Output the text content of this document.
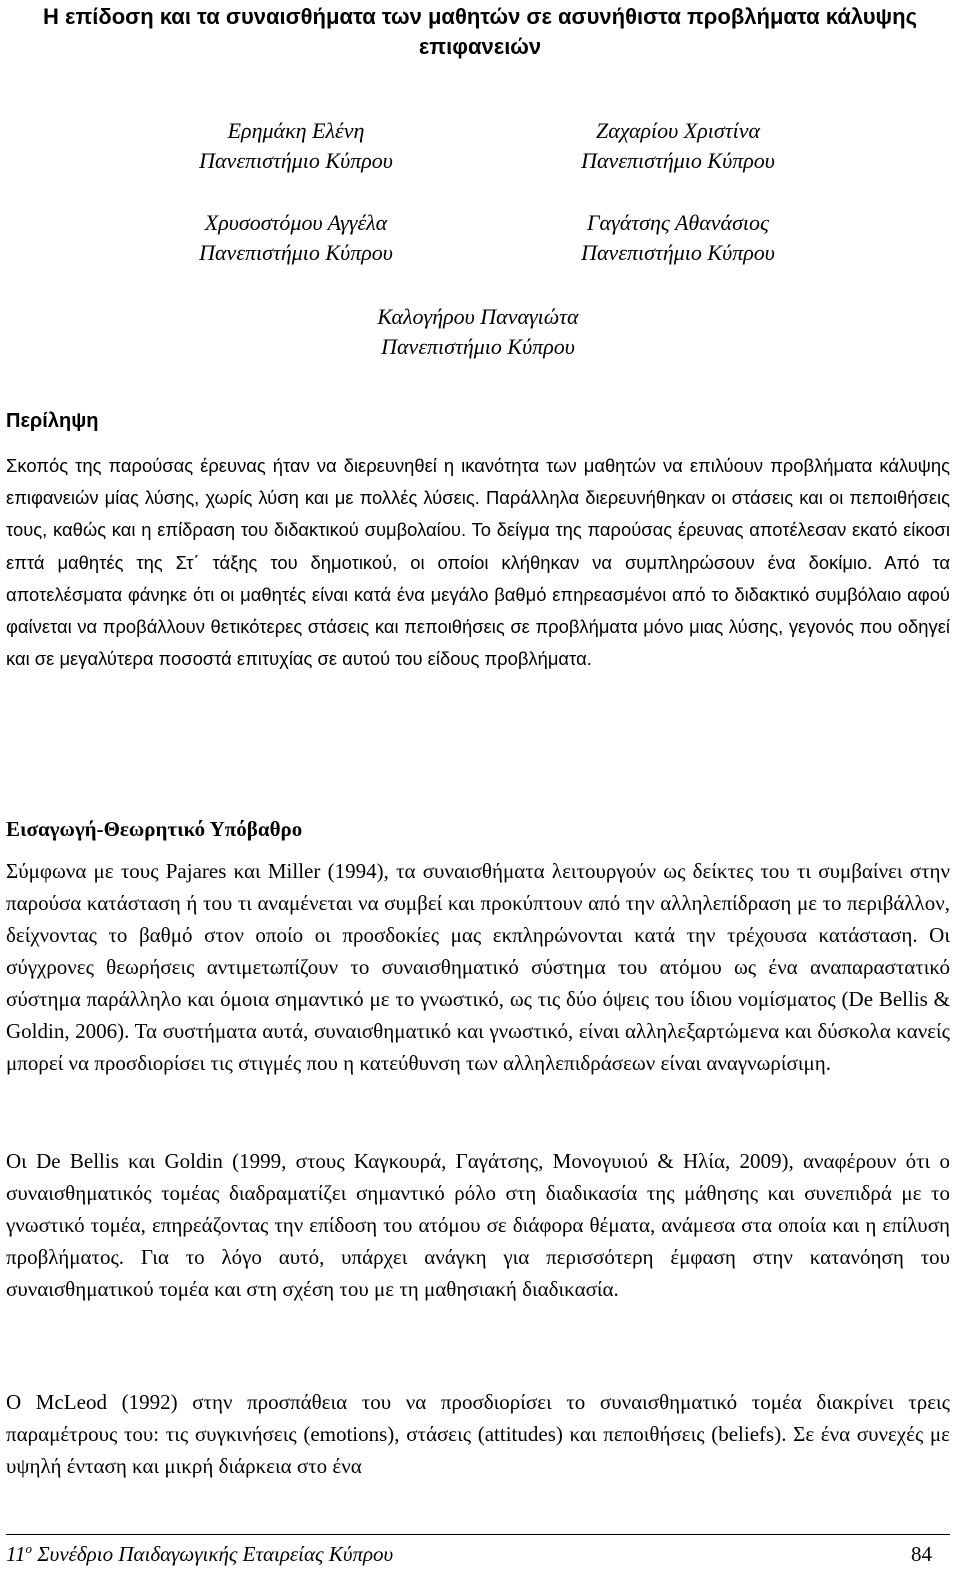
Η επίδοση και τα συναισθήματα των μαθητών σε ασυνήθιστα προβλήματα κάλυψης επιφανειών
Ερημάκη Ελένη
Πανεπιστήμιο Κύπρου
Ζαχαρίου Χριστίνα
Πανεπιστήμιο Κύπρου
Χρυσοστόμου Αγγέλα
Πανεπιστήμιο Κύπρου
Γαγάτσης Αθανάσιος
Πανεπιστήμιο Κύπρου
Καλογήρου Παναγιώτα
Πανεπιστήμιο Κύπρου
Περίληψη

Σκοπός της παρούσας έρευνας ήταν να διερευνηθεί η ικανότητα των μαθητών να επιλύουν προβλήματα κάλυψης επιφανειών μίας λύσης, χωρίς λύση και με πολλές λύσεις. Παράλληλα διερευνήθηκαν οι στάσεις και οι πεποιθήσεις τους, καθώς και η επίδραση του διδακτικού συμβολαίου. Το δείγμα της παρούσας έρευνας αποτέλεσαν εκατό είκοσι επτά μαθητές της Στ΄ τάξης του δημοτικού, οι οποίοι κλήθηκαν να συμπληρώσουν ένα δοκίμιο. Από τα αποτελέσματα φάνηκε ότι οι μαθητές είναι κατά ένα μεγάλο βαθμό επηρεασμένοι από το διδακτικό συμβόλαιο αφού φαίνεται να προβάλλουν θετικότερες στάσεις και πεποιθήσεις σε προβλήματα μόνο μιας λύσης, γεγονός που οδηγεί και σε μεγαλύτερα ποσοστά επιτυχίας σε αυτού του είδους προβλήματα.

Εισαγωγή-Θεωρητικό Υπόβαθρο

Σύμφωνα με τους Pajares και Miller (1994), τα συναισθήματα λειτουργούν ως δείκτες του τι συμβαίνει στην παρούσα κατάσταση ή του τι αναμένεται να συμβεί και προκύπτουν από την αλληλεπίδραση με το περιβάλλον, δείχνοντας το βαθμό στον οποίο οι προσδοκίες μας εκπληρώνονται κατά την τρέχουσα κατάσταση. Οι σύγχρονες θεωρήσεις αντιμετωπίζουν το συναισθηματικό σύστημα του ατόμου ως ένα αναπαραστατικό σύστημα παράλληλο και όμοια σημαντικό με το γνωστικό, ως τις δύο όψεις του ίδιου νομίσματος (De Bellis & Goldin, 2006). Τα συστήματα αυτά, συναισθηματικό και γνωστικό, είναι αλληλεξαρτώμενα και δύσκολα κανείς μπορεί να προσδιορίσει τις στιγμές που η κατεύθυνση των αλληλεπιδράσεων είναι αναγνωρίσιμη.

Οι De Bellis και Goldin (1999, στους Καγκουρά, Γαγάτσης, Μονογυιού & Ηλία, 2009), αναφέρουν ότι ο συναισθηματικός τομέας διαδραματίζει σημαντικό ρόλο στη διαδικασία της μάθησης και συνεπιδρά με το γνωστικό τομέα, επηρεάζοντας την επίδοση του ατόμου σε διάφορα θέματα, ανάμεσα στα οποία και η επίλυση προβλήματος. Για το λόγο αυτό, υπάρχει ανάγκη για περισσότερη έμφαση στην κατανόηση του συναισθηματικού τομέα και στη σχέση του με τη μαθησιακή διαδικασία.

Ο McLeod (1992) στην προσπάθεια του να προσδιορίσει το συναισθηματικό τομέα διακρίνει τρεις παραμέτρους του: τις συγκινήσεις (emotions), στάσεις (attitudes) και πεποιθήσεις (beliefs). Σε ένα συνεχές με υψηλή ένταση και μικρή διάρκεια στο ένα

$11^o$ Συνέδριο Παιδαγωγικής Εταιρείας Κύπρου	84
